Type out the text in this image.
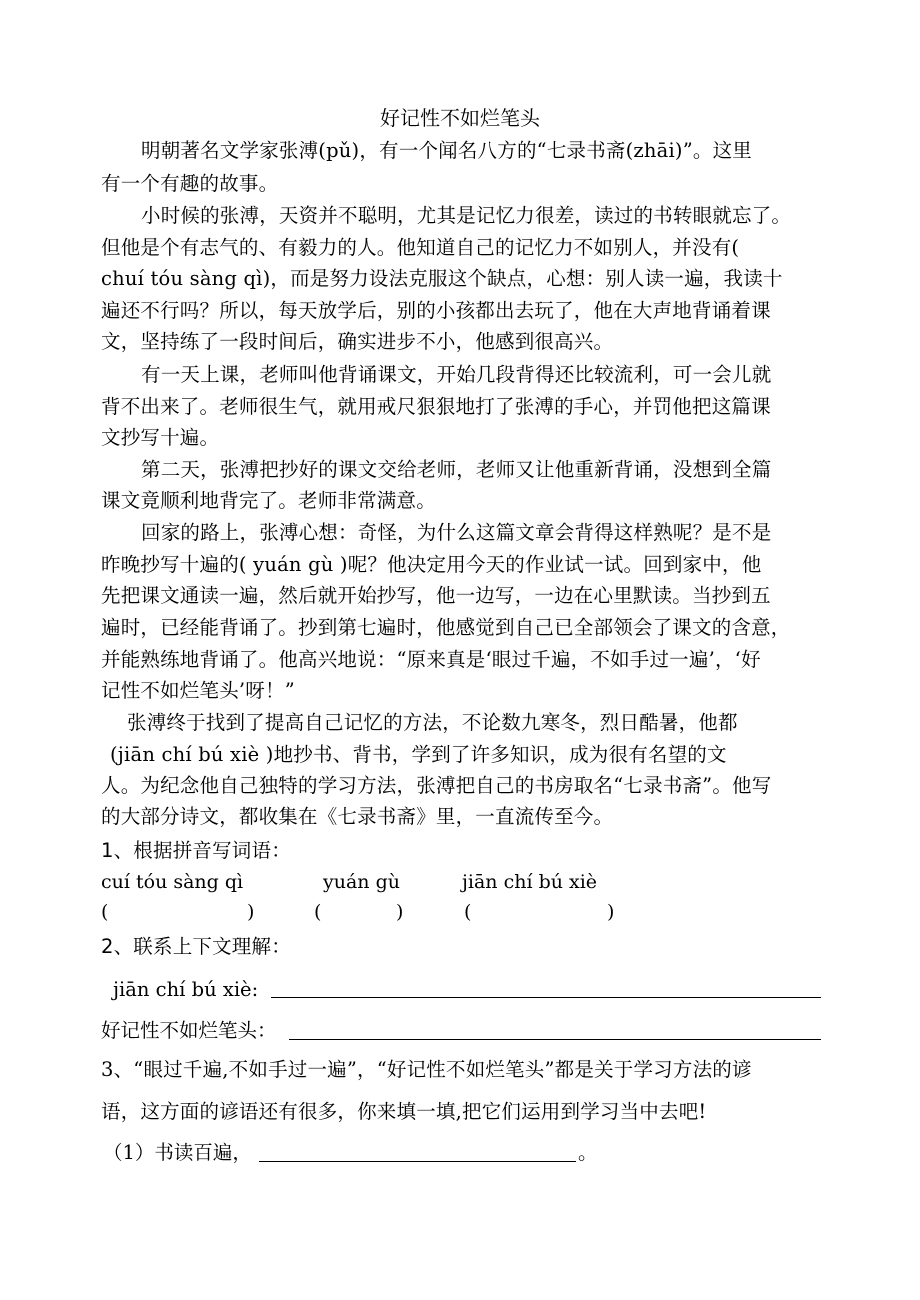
好记性不如烂笔头
明朝著名文学家张溥(pǔ)，有一个闻名八方的“七录书斋(zhāi)”。这里
有一个有趣的故事。
小时候的张溥，天资并不聪明，尤其是记忆力很差，读过的书转眼就忘了。
但他是个有志气的、有毅力的人。他知道自己的记忆力不如别人，并没有(
chuí tóu sàng qì)，而是努力设法克服这个缺点，心想：别人读一遍，我读十
遍还不行吗？所以，每天放学后，别的小孩都出去玩了，他在大声地背诵着课
文，坚持练了一段时间后，确实进步不小，他感到很高兴。
有一天上课，老师叫他背诵课文，开始几段背得还比较流利，可一会儿就
背不出来了。老师很生气，就用戒尺狠狠地打了张溥的手心，并罚他把这篇课
文抄写十遍。
第二天，张溥把抄好的课文交给老师，老师又让他重新背诵，没想到全篇
课文竟顺利地背完了。老师非常满意。
回家的路上，张溥心想：奇怪，为什么这篇文章会背得这样熟呢？是不是
昨晚抄写十遍的( yuán gù )呢？他决定用今天的作业试一试。回到家中，他
先把课文通读一遍，然后就开始抄写，他一边写，一边在心里默读。当抄到五
遍时，已经能背诵了。抄到第七遍时，他感觉到自己已全部领会了课文的含意，
并能熟练地背诵了。他高兴地说：“原来真是‘眼过千遍，不如手过一遍’，‘好
记性不如烂笔头’呀！”
张溥终于找到了提高自己记忆的方法，不论数九寒冬，烈日酷暑，他都
(jiān chí bú xiè )地抄书、背书，学到了许多知识，成为很有名望的文
人。为纪念他自己独特的学习方法，张溥把自己的书房取名“七录书斋”。他写
的大部分诗文，都收集在《七录书斋》里，一直流传至今。
1、根据拼音写词语：
cuí tóu sàng qì	yuán gù	jiān chí bú xiè
(	)	(	)	(	)
2、联系上下文理解：
jiān chí bú xiè:
好记性不如烂笔头：
3、“眼过千遍,不如手过一遍”，“好记性不如烂笔头”都是关于学习方法的谚
语，这方面的谚语还有很多，你来填一填,把它们运用到学习当中去吧!
（1）书读百遍，	。
